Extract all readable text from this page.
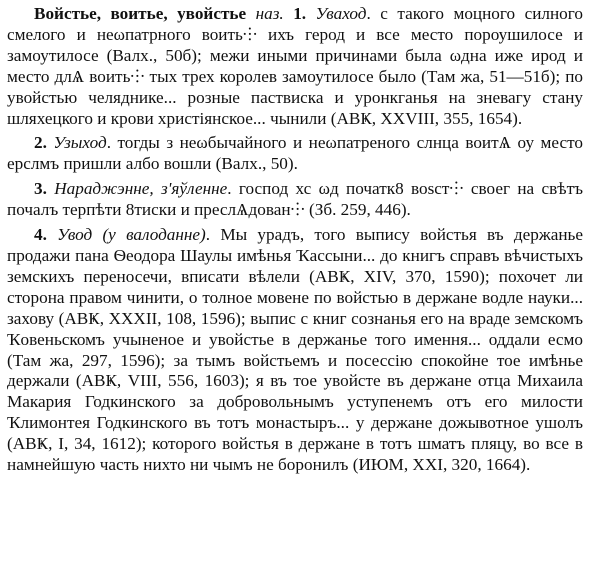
Войстье, воитье, увойстье наз. 1. Уваход. с такого моцного силного смелого и неωпатрного воить⸭ ихъ герод и все место пороушилосе и замоутилосе (Валх., 50б); межи иными причинами была ωдна иже ирод и место длѦ воить⸭ тых трех королев замоутилосе было (Там жа, 51—51б); по увойстью челяднике... розные паствиска и уронкганья на зневагу стану шляхецкого и крови христіянское... чынили (АВҜ, XXVIII, 355, 1654).

2. Узыход. тогды з неωбычайного и неωпатреного слнца воитѦ оу место ерслмъ пришли албо вошли (Валх., 50).

3. Нараджэнне, з'яўленне. господ хс ωд початк8 воѕст⸭ своег на свѣтъ почалъ терпѣти 8тиски и преслѦдован⸭ (Зб. 259, 446).

4. Увод (у валоданне). Мы урадъ, того выпису войстья въ держанье продажи пана Ѳеодора Шаулы имѣнья Ҡассыни... до книгъ справъ вѣчистыхъ земскихъ переносечи, вписати вѣлели (АВҜ, XIV, 370, 1590); похочет ли сторона правом чинити, о толное мовене по войстью в держане водле науки... захову (АВҜ, XXXII, 108, 1596); выпис с книг сознанья его на враде земскомъ Ҡовеньскомъ учыненое и увойстье в держанье того имення... оддали есмо (Там жа, 297, 1596); за тымъ войстьемъ и посессію спокойне тое имѣнье держали (АВҜ, VIII, 556, 1603); я въ тое увойсте въ держане отца Михаила Макария Годкинского за добровольнымъ уступенемъ отъ его милости Ҡлимонтея Годкинского въ тотъ монастыръ... у держане дожывотное ушолъ (АВҜ, I, 34, 1612); которого войстья в держане в тотъ шматъ пляцу, во все в намнейшую часть нихто ни чымъ не боронилъ (ИЮМ, XXI, 320, 1664).
